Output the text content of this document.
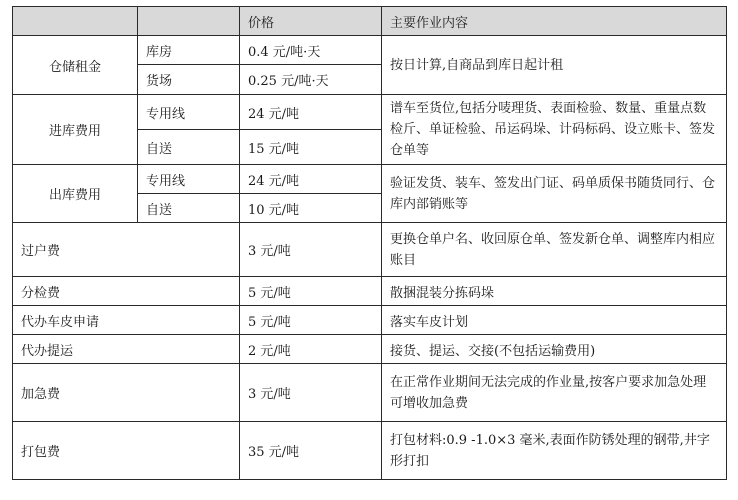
		价格	主要作业内容
仓储租金	库房	0.4 元/吨·天	按日计算,自商品到库日起计租
	货场	0.25 元/吨·天	
进库费用	专用线	24 元/吨	谱车至货位,包括分唛理货、表面检验、数量、重量点数检斤、单证检验、吊运码垛、计码标码、设立账卡、签发仓单等
	自送	15 元/吨	
出库费用	专用线	24 元/吨	验证发货、装车、签发出门证、码单质保书随货同行、仓库内部销账等
	自送	10 元/吨	
过户费		3 元/吨	更换仓单户名、收回原仓单、签发新仓单、调整库内相应账目
分检费		5 元/吨	散捆混装分拣码垛
代办车皮申请		5 元/吨	落实车皮计划
代办提运		2 元/吨	接货、提运、交接(不包括运输费用)
加急费		3 元/吨	在正常作业期间无法完成的作业量,按客户要求加急处理可增收加急费
打包费		35 元/吨	打包材料:0.9 -1.0×3 毫米,表面作防锈处理的钢带,井字形打扣
